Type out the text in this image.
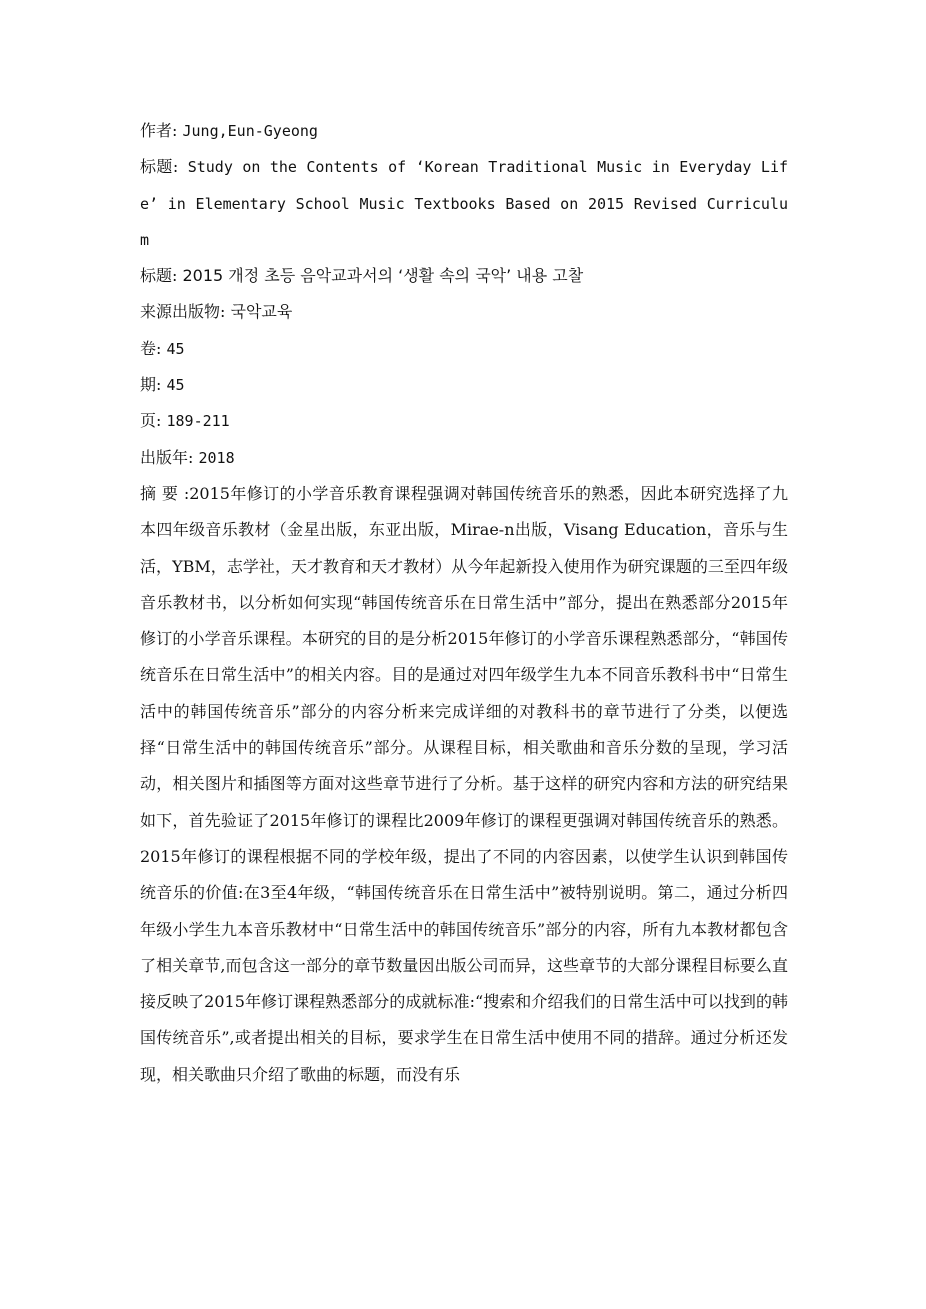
作者: Jung,Eun-Gyeong
标题: Study on the Contents of ‘Korean Traditional Music in Everyday Life’ in Elementary School Music Textbooks Based on 2015 Revised Curriculum
标题: 2015 개정 초등 음악교과서의 ‘생활 속의 국악’ 내용 고찰
来源出版物: 국악교육
卷: 45
期: 45
页: 189-211
出版年: 2018
摘 要 :2015年修订的小学音乐教育课程强调对韩国传统音乐的熟悉，因此本研究选择了九本四年级音乐教材（金星出版，东亚出版，Mirae-n出版，Visang Education，音乐与生活，YBM，志学社，天才教育和天才教材）从今年起新投入使用作为研究课题的三至四年级音乐教材书，以分析如何实现“韩国传统音乐在日常生活中”部分，提出在熟悉部分2015年修订的小学音乐课程。本研究的目的是分析2015年修订的小学音乐课程熟悉部分，“韩国传统音乐在日常生活中”的相关内容。目的是通过对四年级学生九本不同音乐教科书中“日常生活中的韩国传统音乐”部分的内容分析来完成详细的对教科书的章节进行了分类，以便选择“日常生活中的韩国传统音乐”部分。从课程目标，相关歌曲和音乐分数的呈现，学习活动，相关图片和插图等方面对这些章节进行了分析。基于这样的研究内容和方法的研究结果如下，首先验证了2015年修订的课程比2009年修订的课程更强调对韩国传统音乐的熟悉。2015年修订的课程根据不同的学校年级，提出了不同的内容因素，以使学生认识到韩国传统音乐的价值:在3至4年级，“韩国传统音乐在日常生活中”被特别说明。第二，通过分析四年级小学生九本音乐教材中“日常生活中的韩国传统音乐”部分的内容，所有九本教材都包含了相关章节,而包含这一部分的章节数量因出版公司而异，这些章节的大部分课程目标要么直接反映了2015年修订课程熟悉部分的成就标准:“搜索和介绍我们的日常生活中可以找到的韩国传统音乐”,或者提出相关的目标，要求学生在日常生活中使用不同的措辞。通过分析还发现，相关歌曲只介绍了歌曲的标题，而没有乐
